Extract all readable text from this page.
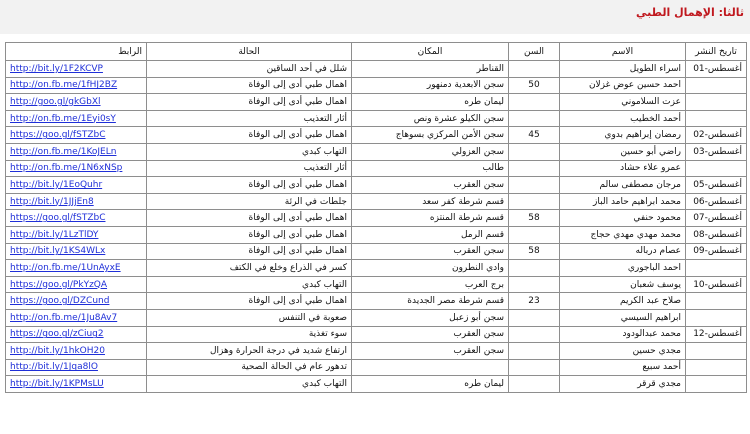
ثالثا: الإهمال الطبي
تاريخ النشر	الاسم	السن	المكان	الحالة	الرابط
أغسطس-01	اسراء الطويل		القناطر	شلل في أحد الساقين	http://bit.ly/1F2KCVP

	احمد حسين عوض غزلان	50	سجن الابعدية دمنهور	اهمال طبي أدى إلى الوفاة	http://on.fb.me/1fHJ2BZ

	عزت السلاموني		ليمان طره	اهمال طبي أدى إلى الوفاة	http://goo.gl/gkGbXl

	أحمد الخطيب		سجن الكيلو عشرة ونص	أثار التعذيب	http://on.fb.me/1Eyi0sY

أغسطس-02	رمضان إبراهيم بدوي	45	سجن الأمن المركزي بسوهاج	اهمال طبي أدى إلى الوفاة	https://goo.gl/fSTZbC

أغسطس-03	راضي أبو حسين		سجن العزولي	التهاب كبدي	http://on.fb.me/1KoJELn

	عمرو علاء حشاد		طالب	أثار التعذيب	http://on.fb.me/1N6xNSp

أغسطس-05	مرجان مصطفى سالم		سجن العقرب	اهمال طبي أدى إلى الوفاة	http://bit.ly/1EoQuhr

أغسطس-06	محمد ابراهيم حامد الباز		قسم شرطة كفر سعد	جلطات في الرئة	http://bit.ly/1JJjEn8

أغسطس-07	محمود حنفي	58	قسم شرطة المنتزه	اهمال طبي أدى إلى الوفاة	https://goo.gl/fSTZbC

أغسطس-08	محمد مهدي مهدي حجاج		قسم الرمل	اهمال طبي أدى إلى الوفاة	http://bit.ly/1LzTlDY

أغسطس-09	عصام درباله	58	سجن العقرب	اهمال طبي أدى إلى الوفاة	http://bit.ly/1KS4WLx

	احمد الباجوري		وادي النطرون	كسر في الذراع وخلع في الكتف	http://on.fb.me/1UnAyxE

أغسطس-10	يوسف شعبان		برج العرب	التهاب كبدي	https://goo.gl/PkYzQA

	صلاح عبد الكريم	23	قسم شرطة مصر الجديدة	اهمال طبي أدى إلى الوفاة	https://goo.gl/DZCund

	ابراهيم السيسي		سجن أبو زعبل	صعوبة في التنفس	http://on.fb.me/1Ju8Av7

أغسطس-12	محمد عبدالودود		سجن العقرب	سوء تغذية	https://goo.gl/zCiug2

	مجدي حسين		سجن العقرب	ارتفاع شديد في درجة الحرارة وهزال	http://bit.ly/1hkOH20

	أحمد سبيع			تدهور عام في الحالة الصحية	http://bit.ly/1Jqa8lO

	مجدي قرقر		ليمان طره	التهاب كبدي	http://bit.ly/1KPMsLU
